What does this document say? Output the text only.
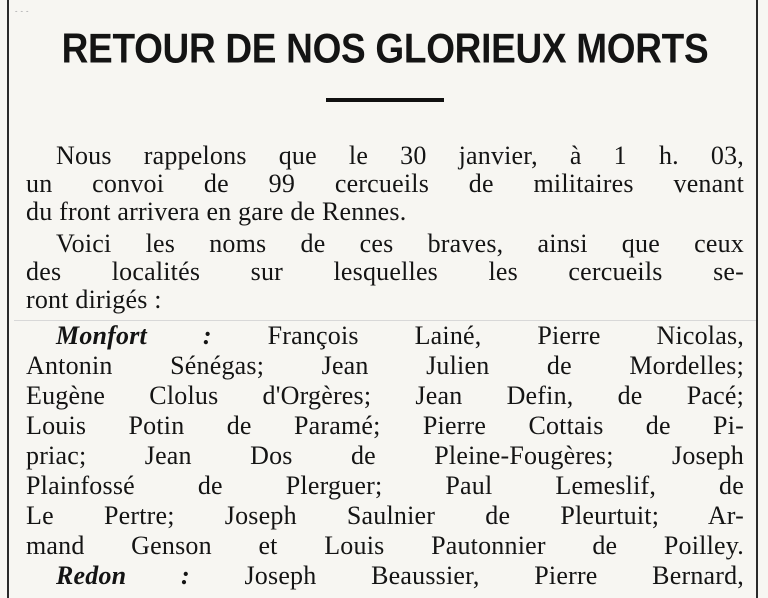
RETOUR DE NOS GLORIEUX MORTS
Nous rappelons que le 30 janvier, à 1 h. 03,
un convoi de 99 cercueils de militaires venant
du front arrivera en gare de Rennes.
Voici les noms de ces braves, ainsi que ceux
des localités sur lesquelles les cercueils se-
ront dirigés :
Monfort : François Lainé, Pierre Nicolas,
Antonin Sénégas; Jean Julien de Mordelles;
Eugène Clolus d'Orgères; Jean Defin, de Pacé;
Louis Potin de Paramé; Pierre Cottais de Pi-
priac; Jean Dos de Pleine-Fougères; Joseph
Plainfossé de Plerguer; Paul Lemeslif, de
Le Pertre; Joseph Saulnier de Pleurtuit; Ar-
mand Genson et Louis Pautonnier de Poilley.
Redon : Joseph Beaussier, Pierre Bernard,
...
